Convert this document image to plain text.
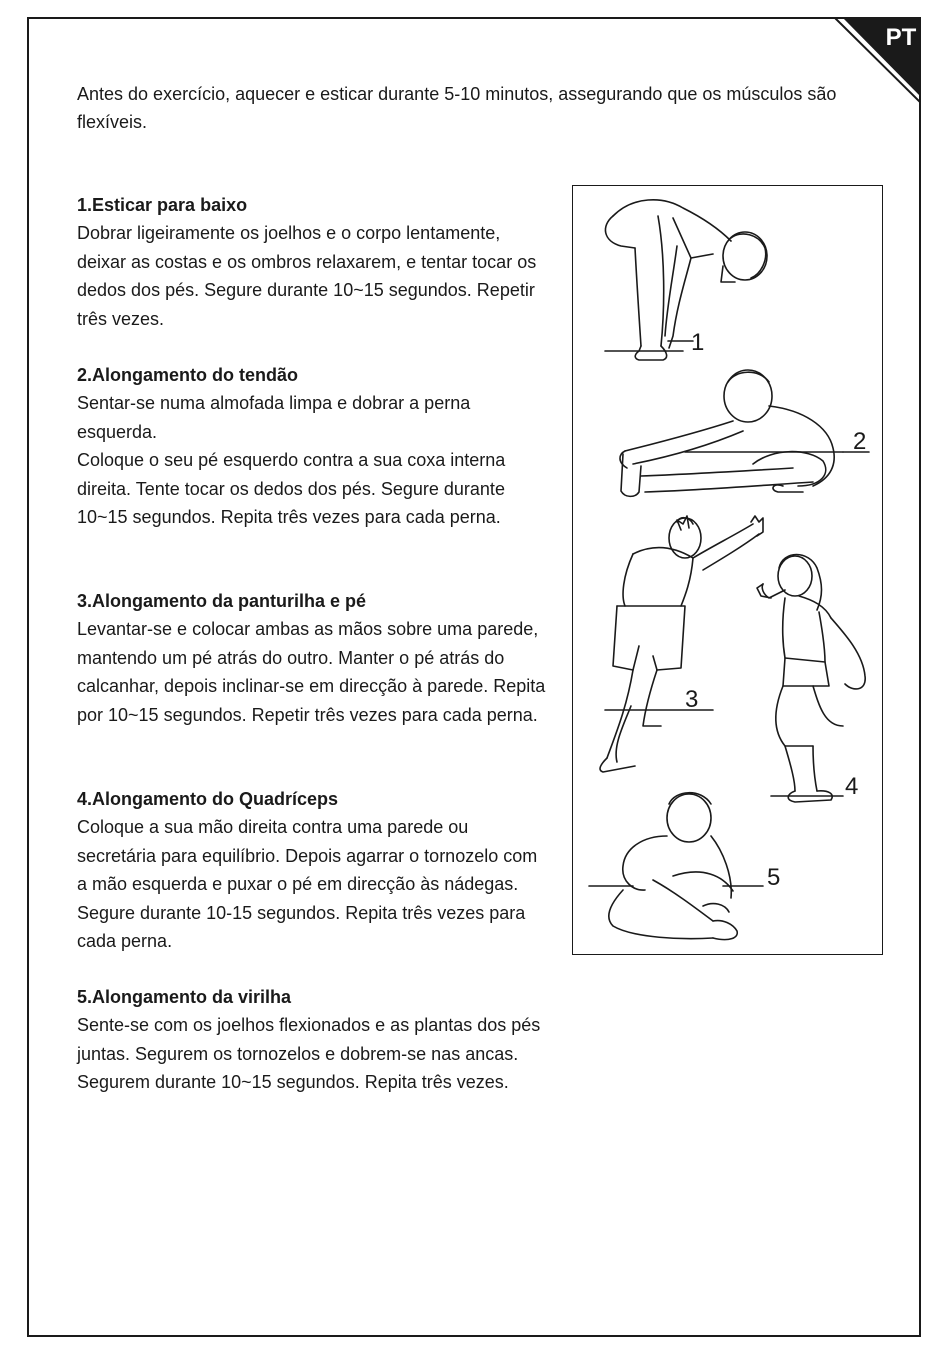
PT

Antes do exercício, aquecer e esticar durante 5-10 minutos, assegurando que os músculos são flexíveis.

1.Esticar para baixo

Dobrar ligeiramente os joelhos e o corpo lentamente, deixar as costas e os ombros relaxarem, e tentar tocar os dedos dos pés. Segure durante 10~15 segundos. Repetir três vezes.

2.Alongamento do tendão

Sentar-se numa almofada limpa e dobrar a perna esquerda.

Coloque o seu pé esquerdo contra a sua coxa interna direita. Tente tocar os dedos dos pés. Segure durante 10~15 segundos. Repita três vezes para cada perna.

3.Alongamento da panturilha e pé

Levantar-se e colocar ambas as mãos sobre uma parede, mantendo um pé atrás do outro. Manter o pé atrás do calcanhar, depois inclinar-se em direcção à parede. Repita por 10~15 segundos. Repetir três vezes para cada perna.

4.Alongamento do Quadríceps

Coloque a sua mão direita contra uma parede ou secretária para equilíbrio. Depois agarrar o tornozelo com a mão esquerda e puxar o pé em direcção às nádegas. Segure durante 10-15 segundos. Repita três vezes para cada perna.

5.Alongamento da virilha

Sente-se com os joelhos flexionados e as plantas dos pés juntas. Segurem os tornozelos e dobrem-se nas ancas. Segurem durante 10~15 segundos. Repita três vezes.

1
2
3
4
5
